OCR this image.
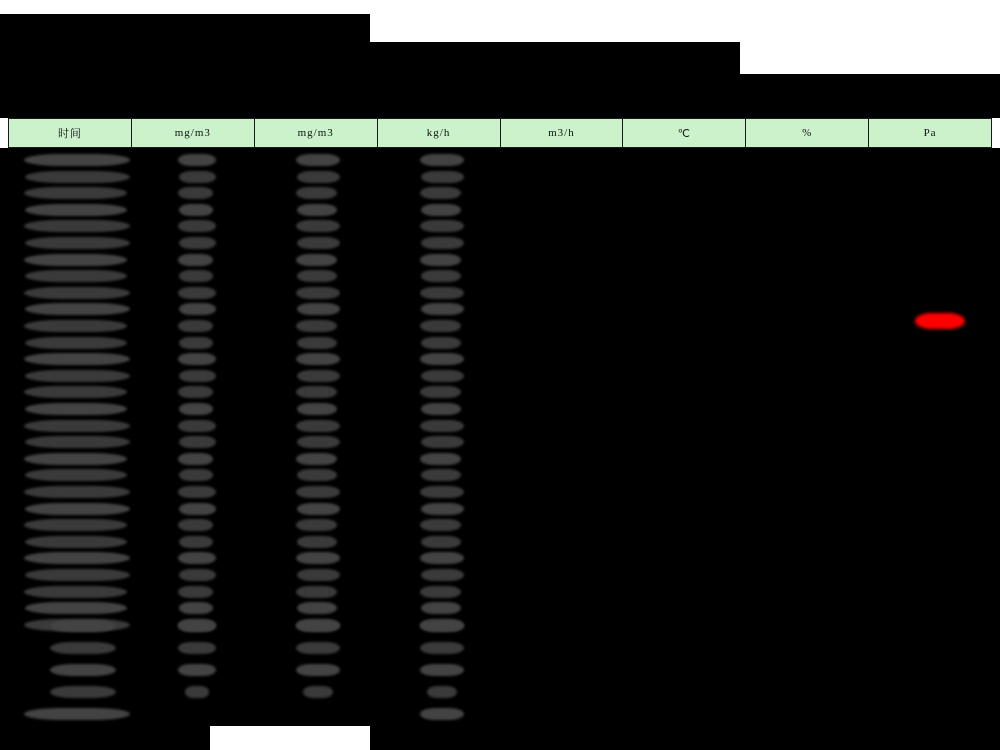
时间	mg/m3	mg/m3	kg/h	m3/h	℃	%	Pa
